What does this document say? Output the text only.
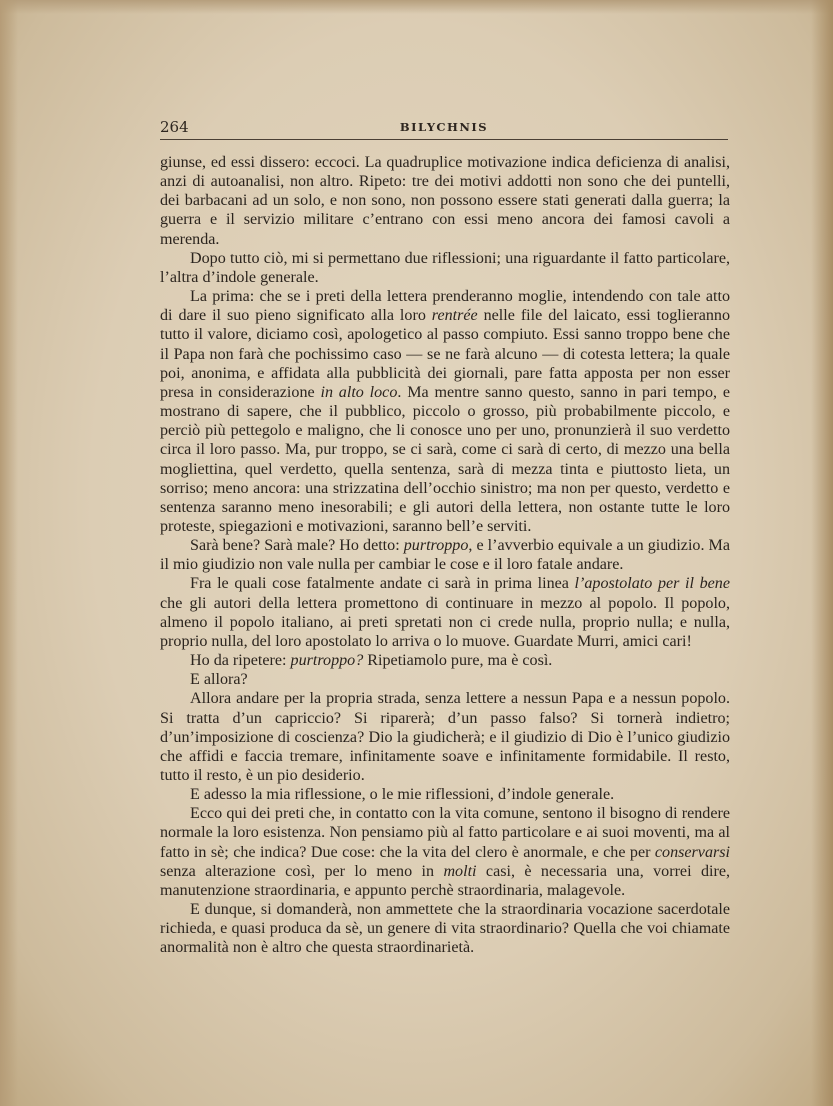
264	BILYCHNIS

giunse, ed essi dissero: eccoci. La quadruplice motivazione indica deficienza di analisi, anzi di autoanalisi, non altro. Ripeto: tre dei motivi addotti non sono che dei puntelli, dei barbacani ad un solo, e non sono, non possono essere stati generati dalla guerra; la guerra e il servizio militare c’entrano con essi meno ancora dei famosi cavoli a merenda.

Dopo tutto ciò, mi si permettano due riflessioni; una riguardante il fatto particolare, l’altra d’indole generale.

La prima: che se i preti della lettera prenderanno moglie, intendendo con tale atto di dare il suo pieno significato alla loro rentrée nelle file del laicato, essi toglieranno tutto il valore, diciamo così, apologetico al passo compiuto. Essi sanno troppo bene che il Papa non farà che pochissimo caso — se ne farà alcuno — di cotesta lettera; la quale poi, anonima, e affidata alla pubblicità dei giornali, pare fatta apposta per non esser presa in considerazione in alto loco. Ma mentre sanno questo, sanno in pari tempo, e mostrano di sapere, che il pubblico, piccolo o grosso, più probabilmente piccolo, e perciò più pettegolo e maligno, che li conosce uno per uno, pronunzierà il suo verdetto circa il loro passo. Ma, pur troppo, se ci sarà, come ci sarà di certo, di mezzo una bella mogliettina, quel verdetto, quella sentenza, sarà di mezza tinta e piuttosto lieta, un sorriso; meno ancora: una strizzatina dell’occhio sinistro; ma non per questo, verdetto e sentenza saranno meno inesorabili; e gli autori della lettera, non ostante tutte le loro proteste, spiegazioni e motivazioni, saranno bell’e serviti.

Sarà bene? Sarà male? Ho detto: purtroppo, e l’avverbio equivale a un giudizio. Ma il mio giudizio non vale nulla per cambiar le cose e il loro fatale andare.

Fra le quali cose fatalmente andate ci sarà in prima linea l’apostolato per il bene che gli autori della lettera promettono di continuare in mezzo al popolo. Il popolo, almeno il popolo italiano, ai preti spretati non ci crede nulla, proprio nulla; e nulla, proprio nulla, del loro apostolato lo arriva o lo muove. Guardate Murri, amici cari!

Ho da ripetere: purtroppo? Ripetiamolo pure, ma è così.

E allora?

Allora andare per la propria strada, senza lettere a nessun Papa e a nessun popolo. Si tratta d’un capriccio? Si riparerà; d’un passo falso? Si tornerà indietro; d’un’imposizione di coscienza? Dio la giudicherà; e il giudizio di Dio è l’unico giudizio che affidi e faccia tremare, infinitamente soave e infinitamente formidabile. Il resto, tutto il resto, è un pio desiderio.

E adesso la mia riflessione, o le mie riflessioni, d’indole generale.

Ecco qui dei preti che, in contatto con la vita comune, sentono il bisogno di rendere normale la loro esistenza. Non pensiamo più al fatto particolare e ai suoi moventi, ma al fatto in sè; che indica? Due cose: che la vita del clero è anormale, e che per conservarsi senza alterazione così, per lo meno in molti casi, è necessaria una, vorrei dire, manutenzione straordinaria, e appunto perchè straordinaria, malagevole.

E dunque, si domanderà, non ammettete che la straordinaria vocazione sacerdotale richieda, e quasi produca da sè, un genere di vita straordinario? Quella che voi chiamate anormalità non è altro che questa straordinarietà.
